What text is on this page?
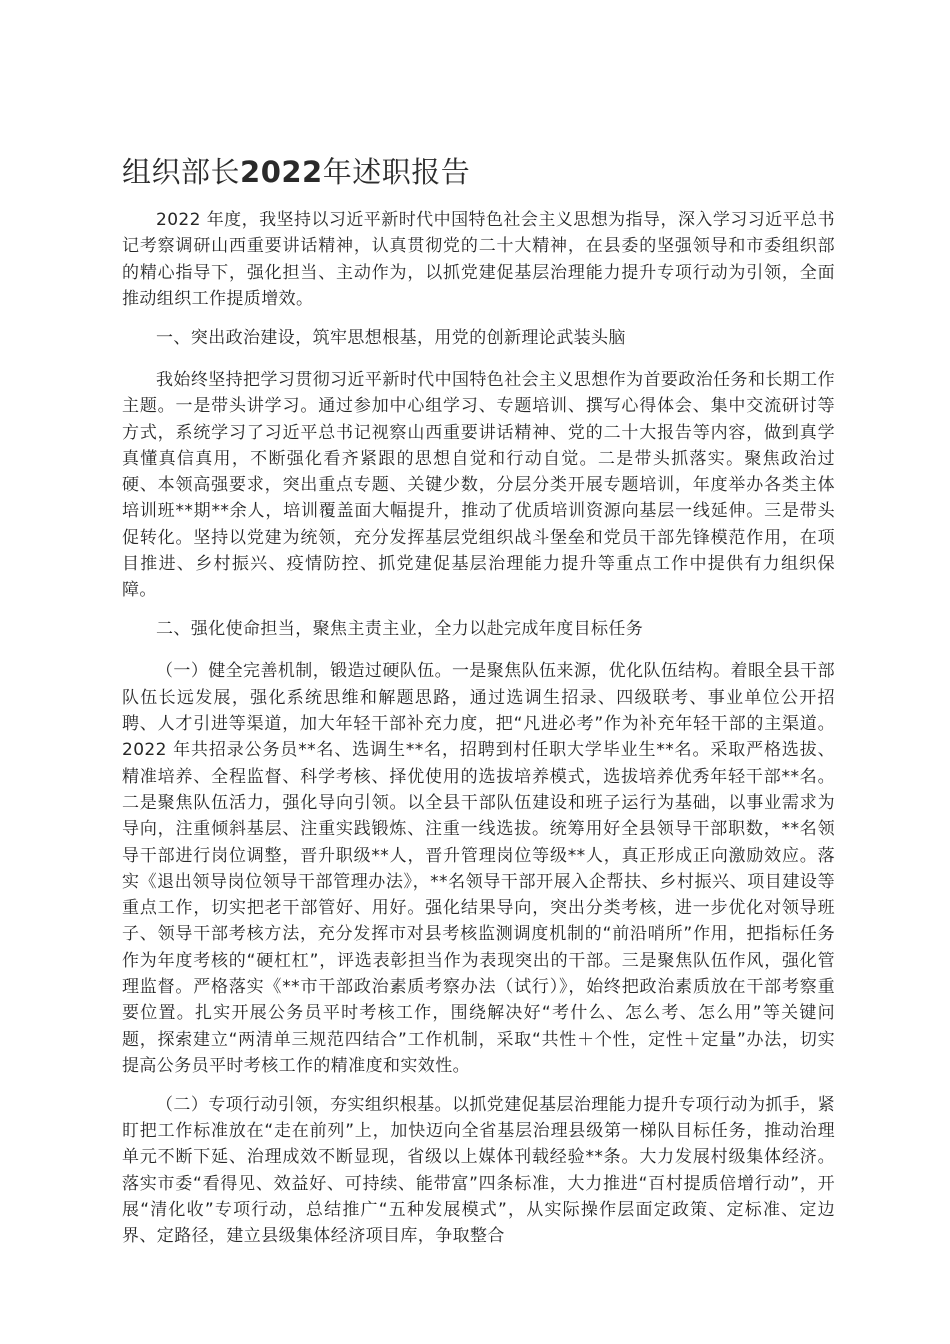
组织部长2022年述职报告

2022 年度，我坚持以习近平新时代中国特色社会主义思想为指导，深入学习习近平总书记考察调研山西重要讲话精神，认真贯彻党的二十大精神，在县委的坚强领导和市委组织部的精心指导下，强化担当、主动作为，以抓党建促基层治理能力提升专项行动为引领，全面推动组织工作提质增效。

一、突出政治建设，筑牢思想根基，用党的创新理论武装头脑

我始终坚持把学习贯彻习近平新时代中国特色社会主义思想作为首要政治任务和长期工作主题。一是带头讲学习。通过参加中心组学习、专题培训、撰写心得体会、集中交流研讨等方式，系统学习了习近平总书记视察山西重要讲话精神、党的二十大报告等内容，做到真学真懂真信真用，不断强化看齐紧跟的思想自觉和行动自觉。二是带头抓落实。聚焦政治过硬、本领高强要求，突出重点专题、关键少数，分层分类开展专题培训，年度举办各类主体培训班**期**余人，培训覆盖面大幅提升，推动了优质培训资源向基层一线延伸。三是带头促转化。坚持以党建为统领，充分发挥基层党组织战斗堡垒和党员干部先锋模范作用，在项目推进、乡村振兴、疫情防控、抓党建促基层治理能力提升等重点工作中提供有力组织保障。

二、强化使命担当，聚焦主责主业，全力以赴完成年度目标任务

（一）健全完善机制，锻造过硬队伍。一是聚焦队伍来源，优化队伍结构。着眼全县干部队伍长远发展，强化系统思维和解题思路，通过选调生招录、四级联考、事业单位公开招聘、人才引进等渠道，加大年轻干部补充力度，把“凡进必考”作为补充年轻干部的主渠道。2022 年共招录公务员**名、选调生**名，招聘到村任职大学毕业生**名。采取严格选拔、精准培养、全程监督、科学考核、择优使用的选拔培养模式，选拔培养优秀年轻干部**名。二是聚焦队伍活力，强化导向引领。以全县干部队伍建设和班子运行为基础，以事业需求为导向，注重倾斜基层、注重实践锻炼、注重一线选拔。统筹用好全县领导干部职数，**名领导干部进行岗位调整，晋升职级**人，晋升管理岗位等级**人，真正形成正向激励效应。落实《退出领导岗位领导干部管理办法》，**名领导干部开展入企帮扶、乡村振兴、项目建设等重点工作，切实把老干部管好、用好。强化结果导向，突出分类考核，进一步优化对领导班子、领导干部考核方法，充分发挥市对县考核监测调度机制的“前沿哨所”作用，把指标任务作为年度考核的“硬杠杠”，评选表彰担当作为表现突出的干部。三是聚焦队伍作风，强化管理监督。严格落实《**市干部政治素质考察办法（试行）》，始终把政治素质放在干部考察重要位置。扎实开展公务员平时考核工作，围绕解决好“考什么、怎么考、怎么用”等关键问题，探索建立“两清单三规范四结合”工作机制，采取“共性＋个性，定性＋定量”办法，切实提高公务员平时考核工作的精准度和实效性。

（二）专项行动引领，夯实组织根基。以抓党建促基层治理能力提升专项行动为抓手，紧盯把工作标准放在“走在前列”上，加快迈向全省基层治理县级第一梯队目标任务，推动治理单元不断下延、治理成效不断显现，省级以上媒体刊载经验**条。大力发展村级集体经济。落实市委“看得见、效益好、可持续、能带富”四条标准，大力推进“百村提质倍增行动”，开展“清化收”专项行动，总结推广“五种发展模式”，从实际操作层面定政策、定标准、定边界、定路径，建立县级集体经济项目库，争取整合
